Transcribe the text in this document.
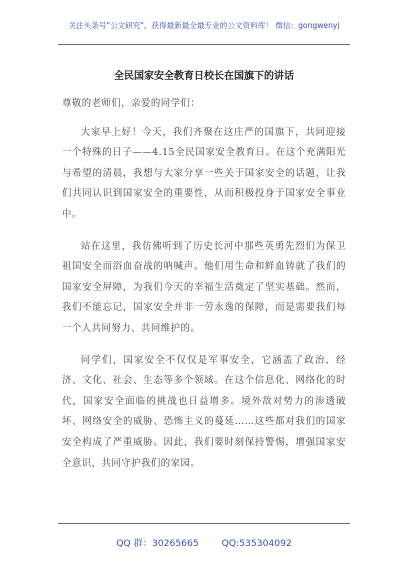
关注头条号"公文研究"，获得最新最全最专业的公文资料库！ 微信：gongwenyj
全民国家安全教育日校长在国旗下的讲话

尊敬的老师们，亲爱的同学们：

大家早上好！今天，我们齐聚在这庄严的国旗下，共同迎接一个特殊的日子——4.15全民国家安全教育日。在这个充满阳光与希望的清晨，我想与大家分享一些关于国家安全的话题，让我们共同认识到国家安全的重要性，从而积极投身于国家安全事业中。

站在这里，我仿佛听到了历史长河中那些英勇先烈们为保卫祖国安全而浴血奋战的呐喊声。他们用生命和鲜血铸就了我们的国家安全屏障，为我们今天的幸福生活奠定了坚实基础。然而，我们不能忘记，国家安全并非一劳永逸的保障，而是需要我们每一个人共同努力、共同维护的。

同学们，国家安全不仅仅是军事安全，它涵盖了政治、经济、文化、社会、生态等多个领域。在这个信息化、网络化的时代，国家安全面临的挑战也日益增多。境外敌对势力的渗透破坏、网络安全的威胁、恐怖主义的蔓延……这些都对我们的国家安全构成了严重威胁。因此，我们要时刻保持警惕，增强国家安全意识，共同守护我们的家园。

QQ 群：30265665 QQ:535304092
